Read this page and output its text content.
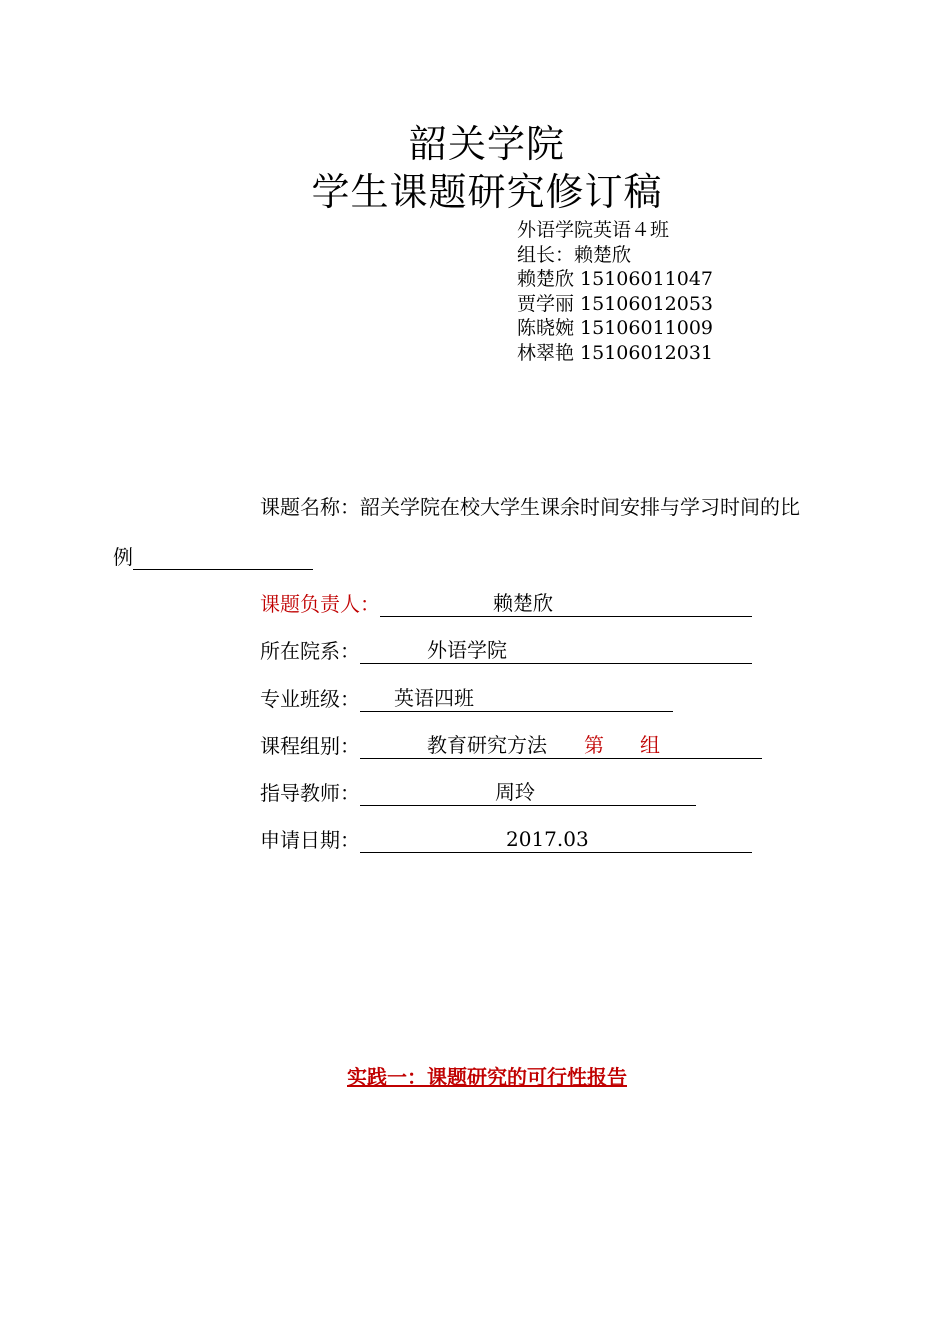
韶关学院
学生课题研究修订稿
外语学院英语４班
组长：赖楚欣
赖楚欣 15106011047
贾学丽 15106012053
陈晓婉 15106011009
林翠艳 15106012031
课题名称：韶关学院在校大学生课余时间安排与学习时间的比
例
课题负责人：	赖楚欣
所在院系：	外语学院
专业班级： 英语四班
课程组别：	教育研究方法 第 组
指导教师：	周玲
申请日期：	2017.03
实践一：课题研究的可行性报告
